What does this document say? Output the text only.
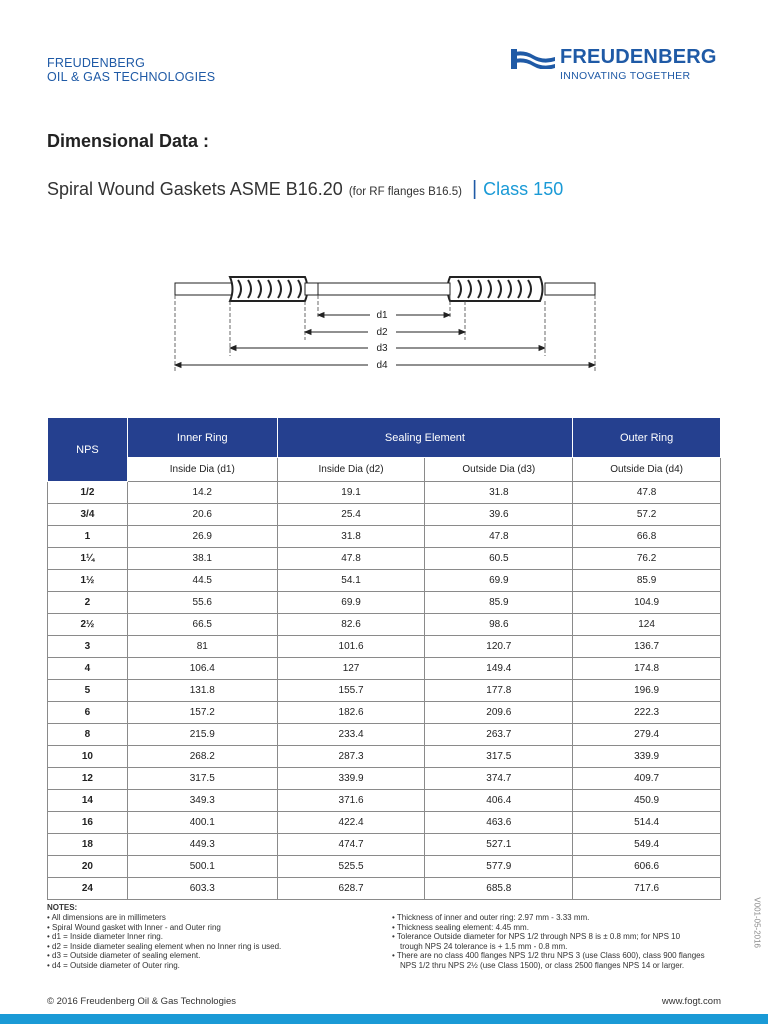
FREUDENBERG
OIL & GAS TECHNOLOGIES
FREUDENBERG
INNOVATING TOGETHER
Dimensional Data :
Spiral Wound Gaskets ASME B16.20 (for RF flanges B16.5) | Class 150
d1
d2
d3
d4
NPS	Inner Ring	Sealing Element		Outer Ring
	Inside Dia (d1)	Inside Dia (d2)	Outside Dia (d3)	Outside Dia (d4)
1/2	14.2	19.1	31.8	47.8
3/4	20.6	25.4	39.6	57.2
1	26.9	31.8	47.8	66.8
1¼	38.1	47.8	60.5	76.2
1½	44.5	54.1	69.9	85.9
2	55.6	69.9	85.9	104.9
2½	66.5	82.6	98.6	124
3	81	101.6	120.7	136.7
4	106.4	127	149.4	174.8
5	131.8	155.7	177.8	196.9
6	157.2	182.6	209.6	222.3
8	215.9	233.4	263.7	279.4
10	268.2	287.3	317.5	339.9
12	317.5	339.9	374.7	409.7
14	349.3	371.6	406.4	450.9
16	400.1	422.4	463.6	514.4
18	449.3	474.7	527.1	549.4
20	500.1	525.5	577.9	606.6
24	603.3	628.7	685.8	717.6
NOTES:
• All dimensions are in millimeters
• Spiral Wound gasket with Inner - and Outer ring
• d1 = Inside diameter Inner ring.
• d2 = Inside diameter sealing element when no Inner ring is used.
• d3 = Outside diameter of sealing element.
• d4 = Outside diameter of Outer ring.
• Thickness of inner and outer ring: 2.97 mm - 3.33 mm.
• Thickness sealing element: 4.45 mm.
• Tolerance Outside diameter for NPS 1/2 through NPS 8 is ± 0.8 mm; for NPS 10
trough NPS 24 tolerance is + 1.5 mm - 0.8 mm.
• There are no class 400 flanges NPS 1/2 thru NPS 3 (use Class 600), class 900 flanges
NPS 1/2 thru NPS 2½ (use Class 1500), or class 2500 flanges NPS 14 or larger.
V001-05-2016
© 2016 Freudenberg Oil & Gas Technologies	www.fogt.com
